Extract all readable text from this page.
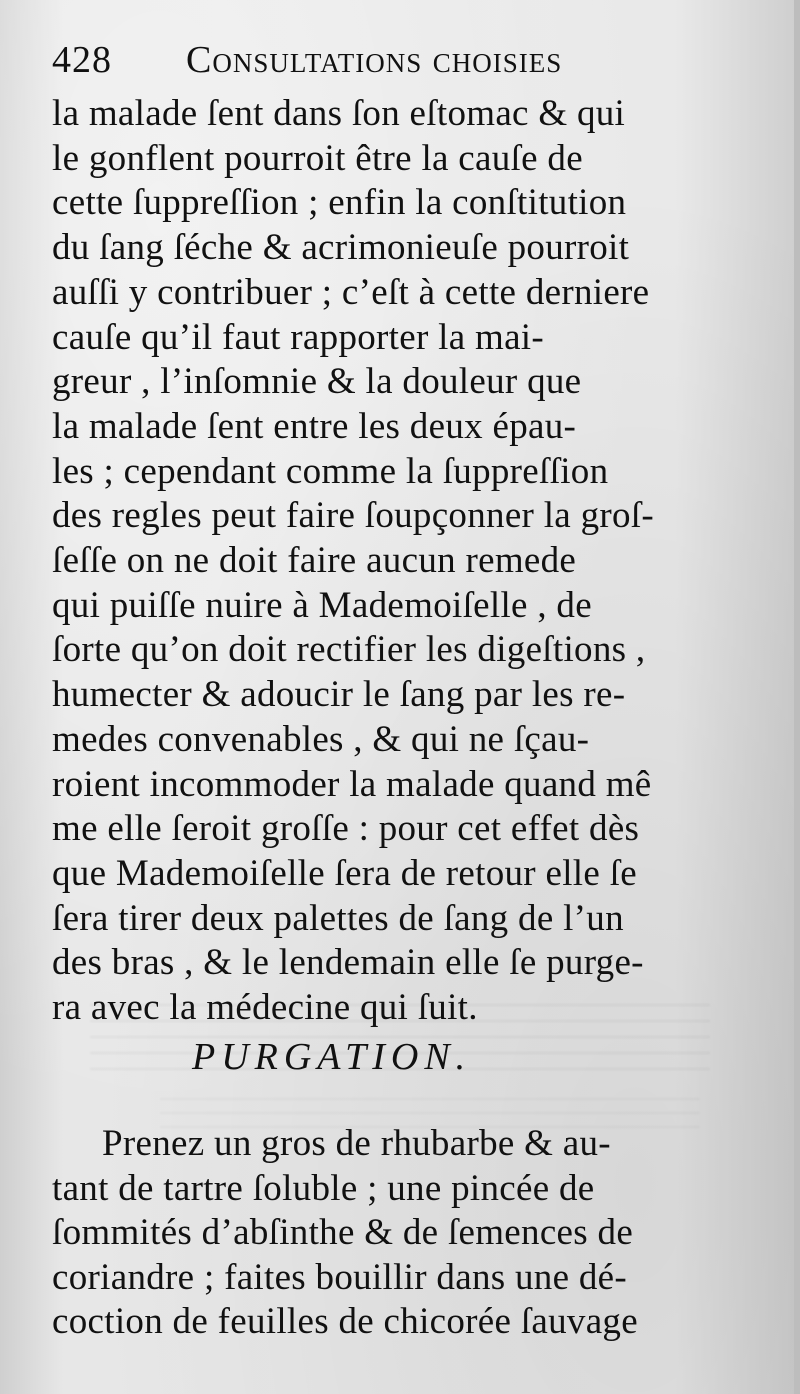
428	Consultations choisies
la malade ſent dans ſon eſtomac & qui
le gonflent pourroit être la cauſe de
cette ſuppreſſion ; enfin la conſtitution
du ſang ſéche & acrimonieuſe pourroit
auſſi y contribuer ; c’eſt à cette derniere
cauſe qu’il faut rapporter la mai-
greur , l’inſomnie & la douleur que
la malade ſent entre les deux épau-
les ; cependant comme la ſuppreſſion
des regles peut faire ſoupçonner la groſ-
ſeſſe on ne doit faire aucun remede
qui puiſſe nuire à Mademoiſelle , de
ſorte qu’on doit rectifier les digeſtions ,
humecter & adoucir le ſang par les re-
medes convenables , & qui ne ſçau-
roient incommoder la malade quand mê
me elle ſeroit groſſe : pour cet effet dès
que Mademoiſelle ſera de retour elle ſe
ſera tirer deux palettes de ſang de l’un
des bras , & le lendemain elle ſe purge-
ra avec la médecine qui ſuit.
PURGATION.
Prenez un gros de rhubarbe & au-
tant de tartre ſoluble ; une pincée de
ſommités d’abſinthe & de ſemences de
coriandre ; faites bouillir dans une dé-
coction de feuilles de chicorée ſauvage
